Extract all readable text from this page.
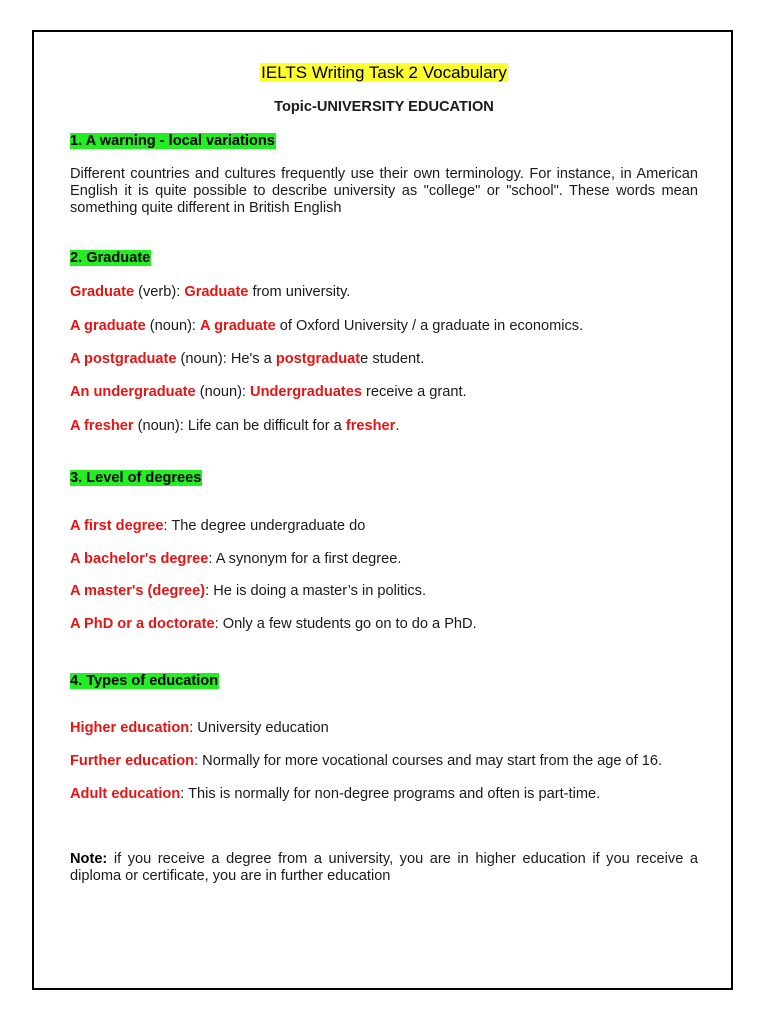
IELTS Writing Task 2 Vocabulary
Topic-UNIVERSITY EDUCATION
1. A warning - local variations
Different countries and cultures frequently use their own terminology. For instance, in American English it is quite possible to describe university as "college" or "school". These words mean something quite different in British English
2. Graduate
Graduate (verb): Graduate from university.
A graduate (noun): A graduate of Oxford University / a graduate in economics.
A postgraduate (noun): He's a postgraduate student.
An undergraduate (noun): Undergraduates receive a grant.
A fresher (noun): Life can be difficult for a fresher.
3. Level of degrees
A first degree: The degree undergraduate do
A bachelor's degree: A synonym for a first degree.
A master's (degree): He is doing a master’s in politics.
A PhD or a doctorate: Only a few students go on to do a PhD.
4. Types of education
Higher education: University education
Further education: Normally for more vocational courses and may start from the age of 16.
Adult education: This is normally for non-degree programs and often is part-time.
Note: if you receive a degree from a university, you are in higher education if you receive a diploma or certificate, you are in further education
